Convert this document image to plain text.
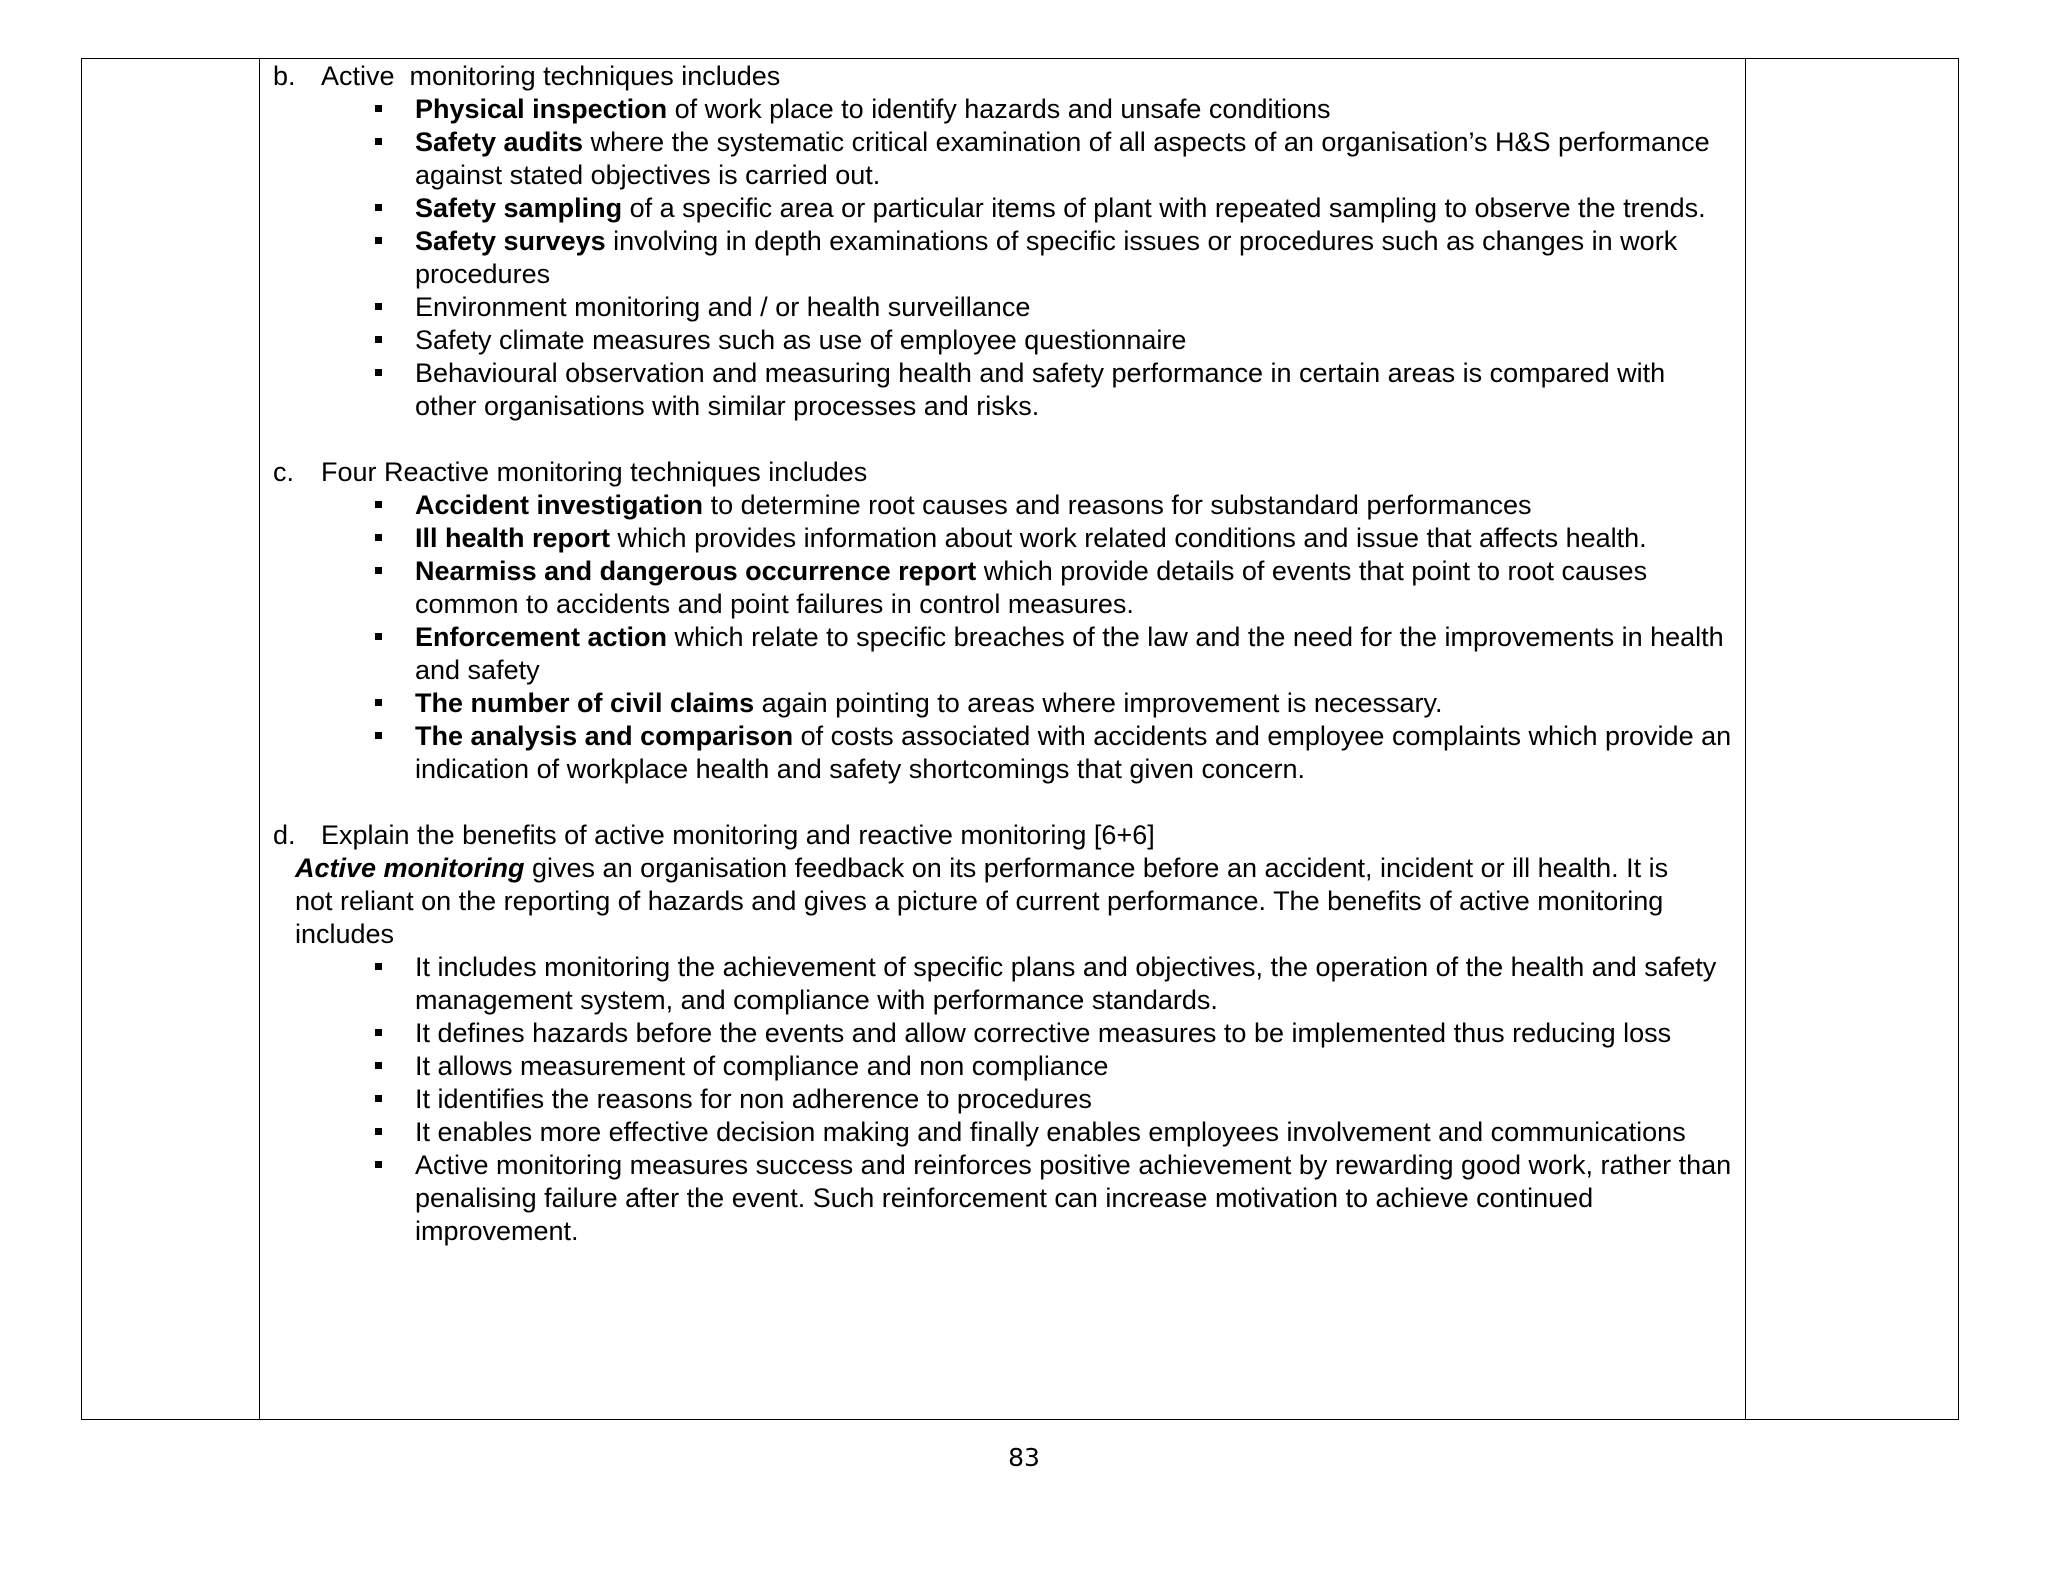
b. Active  monitoring techniques includes

Physical inspection of work place to identify hazards and unsafe conditions
Safety audits where the systematic critical examination of all aspects of an organisation’s H&S performance against stated objectives is carried out.
Safety sampling of a specific area or particular items of plant with repeated sampling to observe the trends.
Safety surveys involving in depth examinations of specific issues or procedures such as changes in work procedures
Environment monitoring and / or health surveillance
Safety climate measures such as use of employee questionnaire
Behavioural observation and measuring health and safety performance in certain areas is compared with other organisations with similar processes and risks.

c. Four Reactive monitoring techniques includes

Accident investigation to determine root causes and reasons for substandard performances
Ill health report which provides information about work related conditions and issue that affects health.
Nearmiss and dangerous occurrence report which provide details of events that point to root causes common to accidents and point failures in control measures.
Enforcement action which relate to specific breaches of the law and the need for the improvements in health and safety
The number of civil claims again pointing to areas where improvement is necessary.
The analysis and comparison of costs associated with accidents and employee complaints which provide an indication of workplace health and safety shortcomings that given concern.

d. Explain the benefits of active monitoring and reactive monitoring [6+6]

Active monitoring gives an organisation feedback on its performance before an accident, incident or ill health. It is not reliant on the reporting of hazards and gives a picture of current performance. The benefits of active monitoring includes

It includes monitoring the achievement of specific plans and objectives, the operation of the health and safety management system, and compliance with performance standards.
It defines hazards before the events and allow corrective measures to be implemented thus reducing loss
It allows measurement of compliance and non compliance
It identifies the reasons for non adherence to procedures
It enables more effective decision making and finally enables employees involvement and communications
Active monitoring measures success and reinforces positive achievement by rewarding good work, rather than penalising failure after the event. Such reinforcement can increase motivation to achieve continued improvement.
83
